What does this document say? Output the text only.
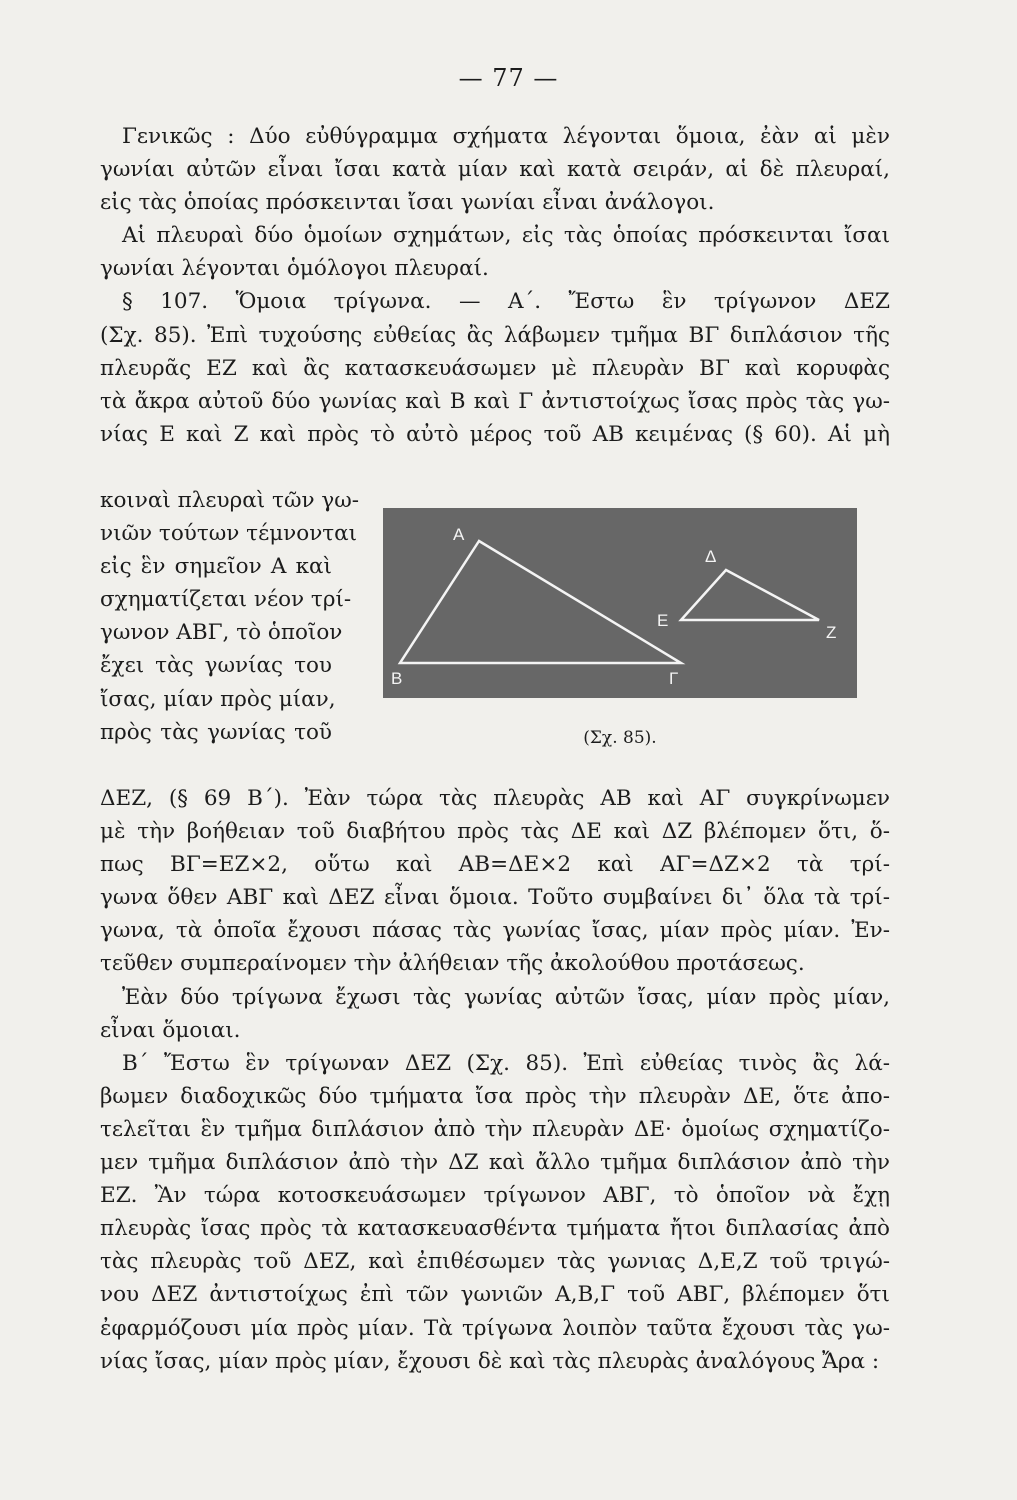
— 77 —
Γενικῶς : Δύο εὐθύγραμμα σχήματα λέγονται ὅμοια, ἐὰν αἱ μὲν
γωνίαι αὐτῶν εἶναι ἴσαι κατὰ μίαν καὶ κατὰ σειράν, αἱ δὲ πλευραί,
εἰς τὰς ὁποίας πρόσκεινται ἴσαι γωνίαι εἶναι ἀνάλογοι.
Αἱ πλευραὶ δύο ὁμοίων σχημάτων, εἰς τὰς ὁποίας πρόσκεινται ἴσαι
γωνίαι λέγονται ὁμόλογοι πλευραί.
§ 107. Ὅμοια τρίγωνα. — Α΄. Ἔστω ἓν τρίγωνον ΔΕΖ
(Σχ. 85). Ἐπὶ τυχούσης εὐθείας ἂς λάβωμεν τμῆμα ΒΓ διπλάσιον τῆς
πλευρᾶς ΕΖ καὶ ἂς κατασκευάσωμεν μὲ πλευρὰν ΒΓ καὶ κορυφὰς
τὰ ἄκρα αὐτοῦ δύο γωνίας καὶ Β καὶ Γ ἀντιστοίχως ἴσας πρὸς τὰς γω-
νίας Ε καὶ Ζ καὶ πρὸς τὸ αὐτὸ μέρος τοῦ ΑΒ κειμένας (§ 60). Αἱ μὴ
κοιναὶ πλευραὶ τῶν γω-
νιῶν τούτων τέμνονται
εἰς ἓν σημεῖον Α καὶ
σχηματίζεται νέον τρί-
γωνον ΑΒΓ, τὸ ὁποῖον
ἔχει τὰς γωνίας του
ἴσας, μίαν πρὸς μίαν,
πρὸς τὰς γωνίας τοῦ
Α
Β	Γ
Δ
Ε
Ζ
(Σχ. 85).
ΔΕΖ, (§ 69 Β΄). Ἐὰν τώρα τὰς πλευρὰς ΑΒ καὶ ΑΓ συγκρίνωμεν
μὲ τὴν βοήθειαν τοῦ διαβήτου πρὸς τὰς ΔΕ καὶ ΔΖ βλέπομεν ὅτι, ὅ-
πως ΒΓ=ΕΖ×2, οὕτω καὶ ΑΒ=ΔΕ×2 καὶ ΑΓ=ΔΖ×2 τὰ τρί-
γωνα ὅθεν ΑΒΓ καὶ ΔΕΖ εἶναι ὅμοια. Τοῦτο συμβαίνει δι᾽ ὅλα τὰ τρί-
γωνα, τὰ ὁποῖα ἔχουσι πάσας τὰς γωνίας ἴσας, μίαν πρὸς μίαν. Ἐν-
τεῦθεν συμπεραίνομεν τὴν ἀλήθειαν τῆς ἀκολούθου προτάσεως.
Ἐὰν δύο τρίγωνα ἔχωσι τὰς γωνίας αὐτῶν ἴσας, μίαν πρὸς μίαν,
εἶναι ὅμοιαι.
Β΄ Ἔστω ἓν τρίγωναν ΔΕΖ (Σχ. 85). Ἐπὶ εὐθείας τινὸς ἂς λά-
βωμεν διαδοχικῶς δύο τμήματα ἴσα πρὸς τὴν πλευρὰν ΔΕ, ὅτε ἀπο-
τελεῖται ἓν τμῆμα διπλάσιον ἀπὸ τὴν πλευρὰν ΔΕ· ὁμοίως σχηματίζο-
μεν τμῆμα διπλάσιον ἀπὸ τὴν ΔΖ καὶ ἄλλο τμῆμα διπλάσιον ἀπὸ τὴν
ΕΖ. Ἂν τώρα κοτοσκευάσωμεν τρίγωνον ΑΒΓ, τὸ ὁποῖον νὰ ἔχῃ
πλευρὰς ἴσας πρὸς τὰ κατασκευασθέντα τμήματα ἤτοι διπλασίας ἀπὸ
τὰς πλευρὰς τοῦ ΔΕΖ, καὶ ἐπιθέσωμεν τὰς γωνιας Δ,Ε,Ζ τοῦ τριγώ-
νου ΔΕΖ ἀντιστοίχως ἐπὶ τῶν γωνιῶν Α,Β,Γ τοῦ ΑΒΓ, βλέπομεν ὅτι
ἐφαρμόζουσι μία πρὸς μίαν. Τὰ τρίγωνα λοιπὸν ταῦτα ἔχουσι τὰς γω-
νίας ἴσας, μίαν πρὸς μίαν, ἔχουσι δὲ καὶ τὰς πλευρὰς ἀναλόγους Ἄρα :
